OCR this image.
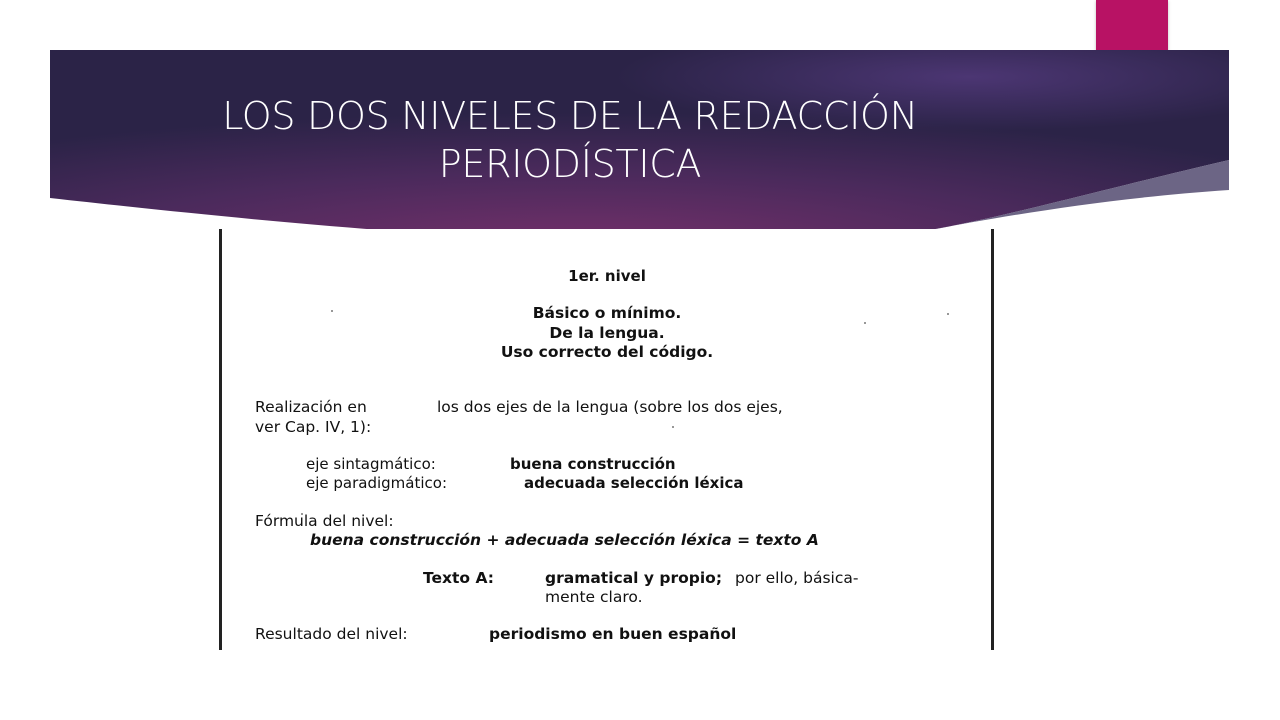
LOS DOS NIVELES DE LA REDACCIÓN
PERIODÍSTICA
1er. nivel
Básico o mínimo.
De la lengua.
Uso correcto del código.
Realización en	los dos ejes de la lengua (sobre los dos ejes,
ver Cap. IV, 1):
eje sintagmático:	buena construcción
eje paradigmático:	adecuada selección léxica
Fórmula del nivel:
buena construcción + adecuada selección léxica = texto A
Texto A:	gramatical y propio; por ello, básica-
mente claro.
Resultado del nivel:	periodismo en buen español
